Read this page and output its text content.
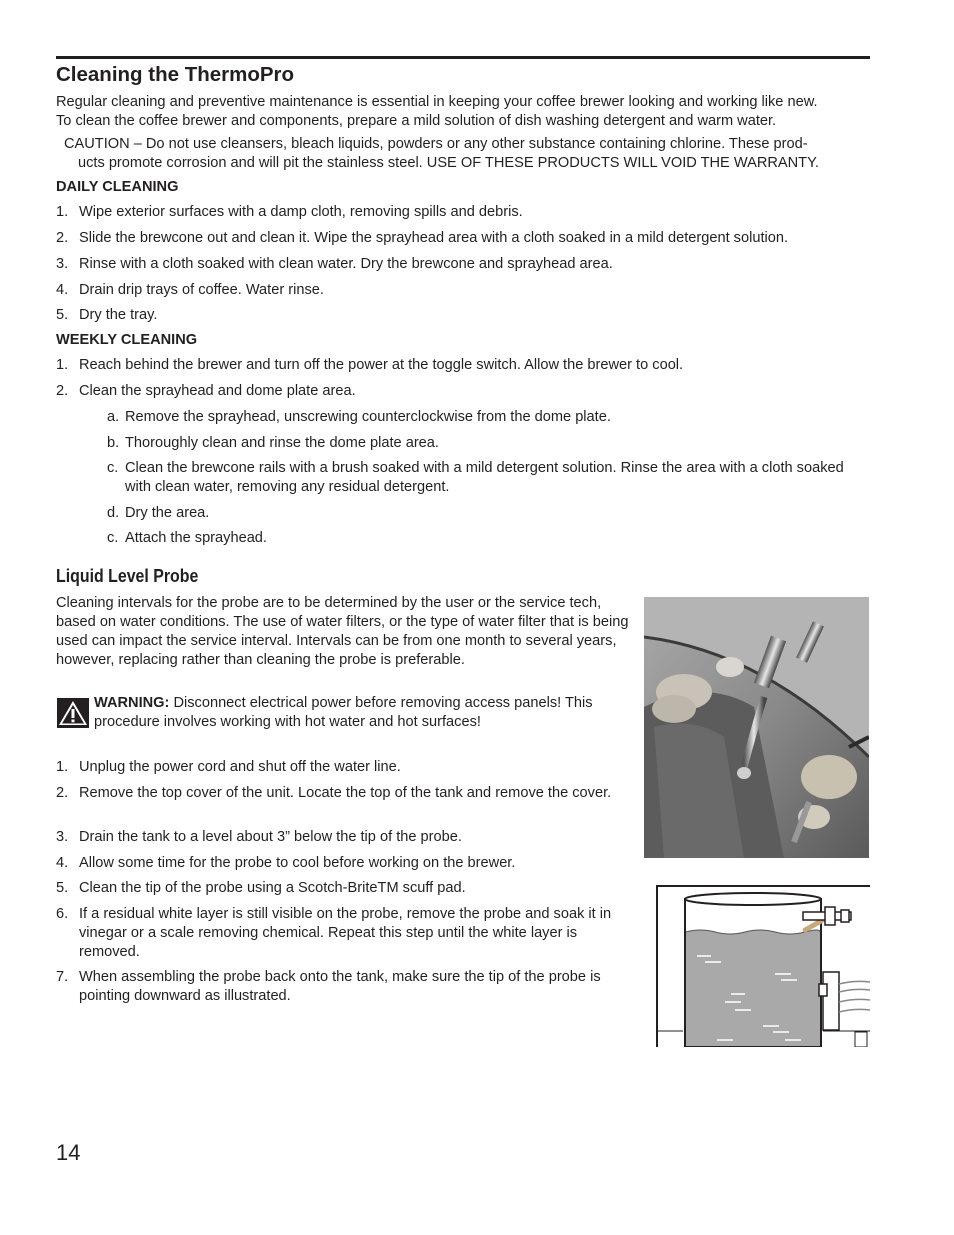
Cleaning the ThermoPro

Regular cleaning and preventive maintenance is essential in keeping your coffee brewer looking and working like new.

To clean the coffee brewer and components, prepare a mild solution of dish washing detergent and warm water.

CAUTION – Do not use cleansers, bleach liquids, powders or any other substance containing chlorine. These prod-

ucts promote corrosion and will pit the stainless steel. USE OF THESE PRODUCTS WILL VOID THE WARRANTY.

DAILY CLEANING
1. Wipe exterior surfaces with a damp cloth, removing spills and debris.
2. Slide the brewcone out and clean it. Wipe the sprayhead area with a cloth soaked in a mild detergent solution.
3. Rinse with a cloth soaked with clean water. Dry the brewcone and sprayhead area.
4. Drain drip trays of coffee. Water rinse.
5. Dry the tray.
WEEKLY CLEANING
1. Reach behind the brewer and turn off the power at the toggle switch. Allow the brewer to cool.
2. Clean the sprayhead and dome plate area.
a. Remove the sprayhead, unscrewing counterclockwise from the dome plate.
b. Thoroughly clean and rinse the dome plate area.
c. Clean the brewcone rails with a brush soaked with a mild detergent solution. Rinse the area with a cloth soaked with clean water, removing any residual detergent.
d. Dry the area.
c. Attach the sprayhead.
Liquid Level Probe

Cleaning intervals for the probe are to be determined by the user or the service tech, based on water conditions. The use of water filters, or the type of water filter that is being used can impact the service interval. Intervals can be from one month to several years, however, replacing rather than cleaning the probe is preferable.

WARNING: Disconnect electrical power before removing access panels! This procedure involves working with hot water and hot surfaces!

1. Unplug the power cord and shut off the water line.
2. Remove the top cover of the unit. Locate the top of the tank and remove the cover.
3. Drain the tank to a level about 3” below the tip of the probe.
4. Allow some time for the probe to cool before working on the brewer.
5. Clean the tip of the probe using a Scotch-BriteTM scuff pad.
6. If a residual white layer is still visible on the probe, remove the probe and soak it in vinegar or a scale removing chemical. Repeat this step until the white layer is removed.
7. When assembling the probe back onto the tank, make sure the tip of the probe is pointing downward as illustrated.
14
